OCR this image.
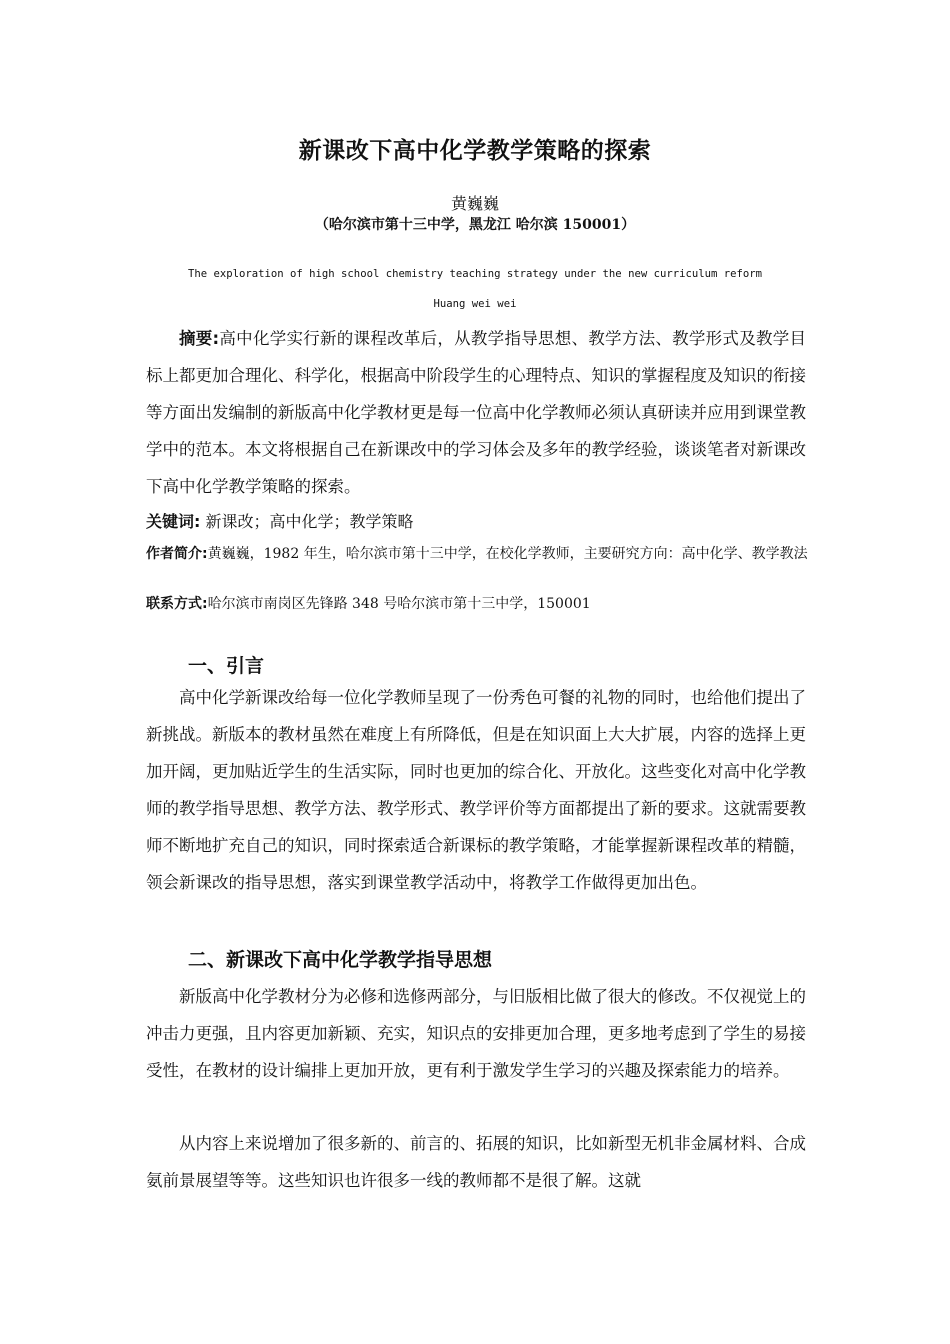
新课改下高中化学教学策略的探索
黄巍巍
（哈尔滨市第十三中学，黑龙江 哈尔滨 150001）
The exploration of high school chemistry teaching strategy under the new curriculum reform
Huang wei wei

摘要:高中化学实行新的课程改革后，从教学指导思想、教学方法、教学形式及教学目标上都更加合理化、科学化，根据高中阶段学生的心理特点、知识的掌握程度及知识的衔接等方面出发编制的新版高中化学教材更是每一位高中化学教师必须认真研读并应用到课堂教学中的范本。本文将根据自己在新课改中的学习体会及多年的教学经验，谈谈笔者对新课改下高中化学教学策略的探索。

关键词: 新课改；高中化学；教学策略

作者简介:黄巍巍，1982 年生，哈尔滨市第十三中学，在校化学教师，主要研究方向：高中化学、教学教法

联系方式:哈尔滨市南岗区先锋路 348 号哈尔滨市第十三中学，150001

一、引言

高中化学新课改给每一位化学教师呈现了一份秀色可餐的礼物的同时，也给他们提出了新挑战。新版本的教材虽然在难度上有所降低，但是在知识面上大大扩展，内容的选择上更加开阔，更加贴近学生的生活实际，同时也更加的综合化、开放化。这些变化对高中化学教师的教学指导思想、教学方法、教学形式、教学评价等方面都提出了新的要求。这就需要教师不断地扩充自己的知识，同时探索适合新课标的教学策略，才能掌握新课程改革的精髓，领会新课改的指导思想，落实到课堂教学活动中，将教学工作做得更加出色。

二、新课改下高中化学教学指导思想

新版高中化学教材分为必修和选修两部分，与旧版相比做了很大的修改。不仅视觉上的冲击力更强，且内容更加新颖、充实，知识点的安排更加合理，更多地考虑到了学生的易接受性，在教材的设计编排上更加开放，更有利于激发学生学习的兴趣及探索能力的培养。

从内容上来说增加了很多新的、前言的、拓展的知识，比如新型无机非金属材料、合成氨前景展望等等。这些知识也许很多一线的教师都不是很了解。这就
